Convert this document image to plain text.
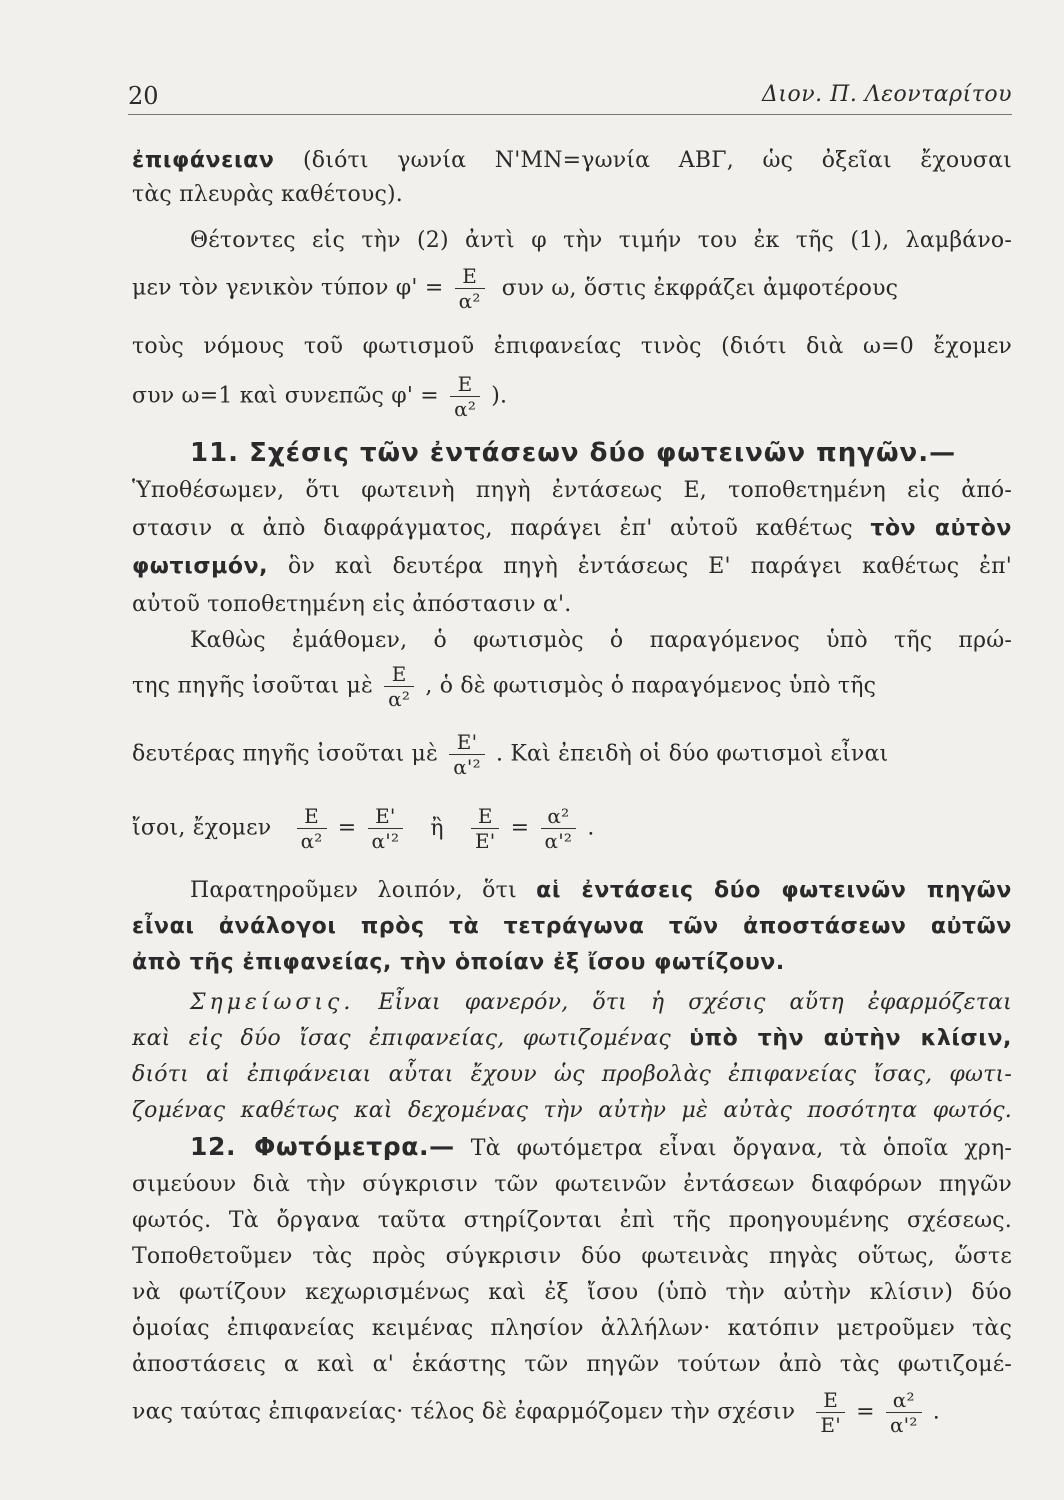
20	Διον. Π. Λεονταρίτου
ἐπιφάνειαν (διότι γωνία Ν'ΜΝ=γωνία ΑΒΓ, ὡς ὀξεῖαι ἔχουσαι
τὰς πλευρὰς καθέτους).
Θέτοντες εἰς τὴν (2) ἀντὶ φ τὴν τιμήν του ἐκ τῆς (1), λαμβάνο-
μεν τὸν γενικὸν τύπον $\varphi' = \frac{E}{\text{α²}}$ συν ω, ὅστις ἐκφράζει ἀμφοτέρους
τοὺς νόμους τοῦ φωτισμοῦ ἐπιφανείας τινὸς (διότι διὰ ω=0 ἔχομεν
συν ω=1 καὶ συνεπῶς $\varphi' = \frac{E}{\text{α²}}$ ).
11. Σχέσις τῶν ἐντάσεων δύο φωτεινῶν πηγῶν.—
Ὑποθέσωμεν, ὅτι φωτεινὴ πηγὴ ἐντάσεως Ε, τοποθετημένη εἰς ἀπό-
στασιν α ἀπὸ διαφράγματος, παράγει ἐπ' αὐτοῦ καθέτως τὸν αὐτὸν
φωτισμόν, ὃν καὶ δευτέρα πηγὴ ἐντάσεως Ε' παράγει καθέτως ἐπ'
αὐτοῦ τοποθετημένη εἰς ἀπόστασιν α'.
Καθὼς ἐμάθομεν, ὁ φωτισμὸς ὁ παραγόμενος ὑπὸ τῆς πρώ-
της πηγῆς ἰσοῦται μὲ $\frac{E}{\text{α²}}$ , ὁ δὲ φωτισμὸς ὁ παραγόμενος ὑπὸ τῆς
δευτέρας πηγῆς ἰσοῦται μὲ $\frac{E'}{\text{α'²}}$ . Καὶ ἐπειδὴ οἱ δύο φωτισμοὶ εἶναι
ἴσοι, ἔχομεν $\frac{E}{\text{α²}} = \frac{E'}{\text{α'²}}$ ἢ $\frac{E}{E'} = \frac{\text{α²}}{\text{α'²}}$ .
Παρατηροῦμεν λοιπόν, ὅτι αἱ ἐντάσεις δύο φωτεινῶν πηγῶν
εἶναι ἀνάλογοι πρὸς τὰ τετράγωνα τῶν ἀποστάσεων αὐτῶν
ἀπὸ τῆς ἐπιφανείας, τὴν ὁποίαν ἐξ ἴσου φωτίζουν.
Σημείωσις. Εἶναι φανερόν, ὅτι ἡ σχέσις αὕτη ἐφαρμόζεται
καὶ εἰς δύο ἴσας ἐπιφανείας, φωτιζομένας ὑπὸ τὴν αὐτὴν κλίσιν,
διότι αἱ ἐπιφάνειαι αὗται ἔχουν ὡς προβολὰς ἐπιφανείας ἴσας, φωτι-
ζομένας καθέτως καὶ δεχομένας τὴν αὐτὴν μὲ αὐτὰς ποσότητα φωτός.
12. Φωτόμετρα.— Τὰ φωτόμετρα εἶναι ὄργανα, τὰ ὁποῖα χρη-
σιμεύουν διὰ τὴν σύγκρισιν τῶν φωτεινῶν ἐντάσεων διαφόρων πηγῶν
φωτός. Τὰ ὄργανα ταῦτα στηρίζονται ἐπὶ τῆς προηγουμένης σχέσεως.
Τοποθετοῦμεν τὰς πρὸς σύγκρισιν δύο φωτεινὰς πηγὰς οὕτως, ὥστε
νὰ φωτίζουν κεχωρισμένως καὶ ἐξ ἴσου (ὑπὸ τὴν αὐτὴν κλίσιν) δύο
ὁμοίας ἐπιφανείας κειμένας πλησίον ἀλλήλων· κατόπιν μετροῦμεν τὰς
ἀποστάσεις α καὶ α' ἑκάστης τῶν πηγῶν τούτων ἀπὸ τὰς φωτιζομέ-
νας ταύτας ἐπιφανείας· τέλος δὲ ἐφαρμόζομεν τὴν σχέσιν $\frac{E}{E'} = \frac{\text{α²}}{\text{α'²}}$ .
